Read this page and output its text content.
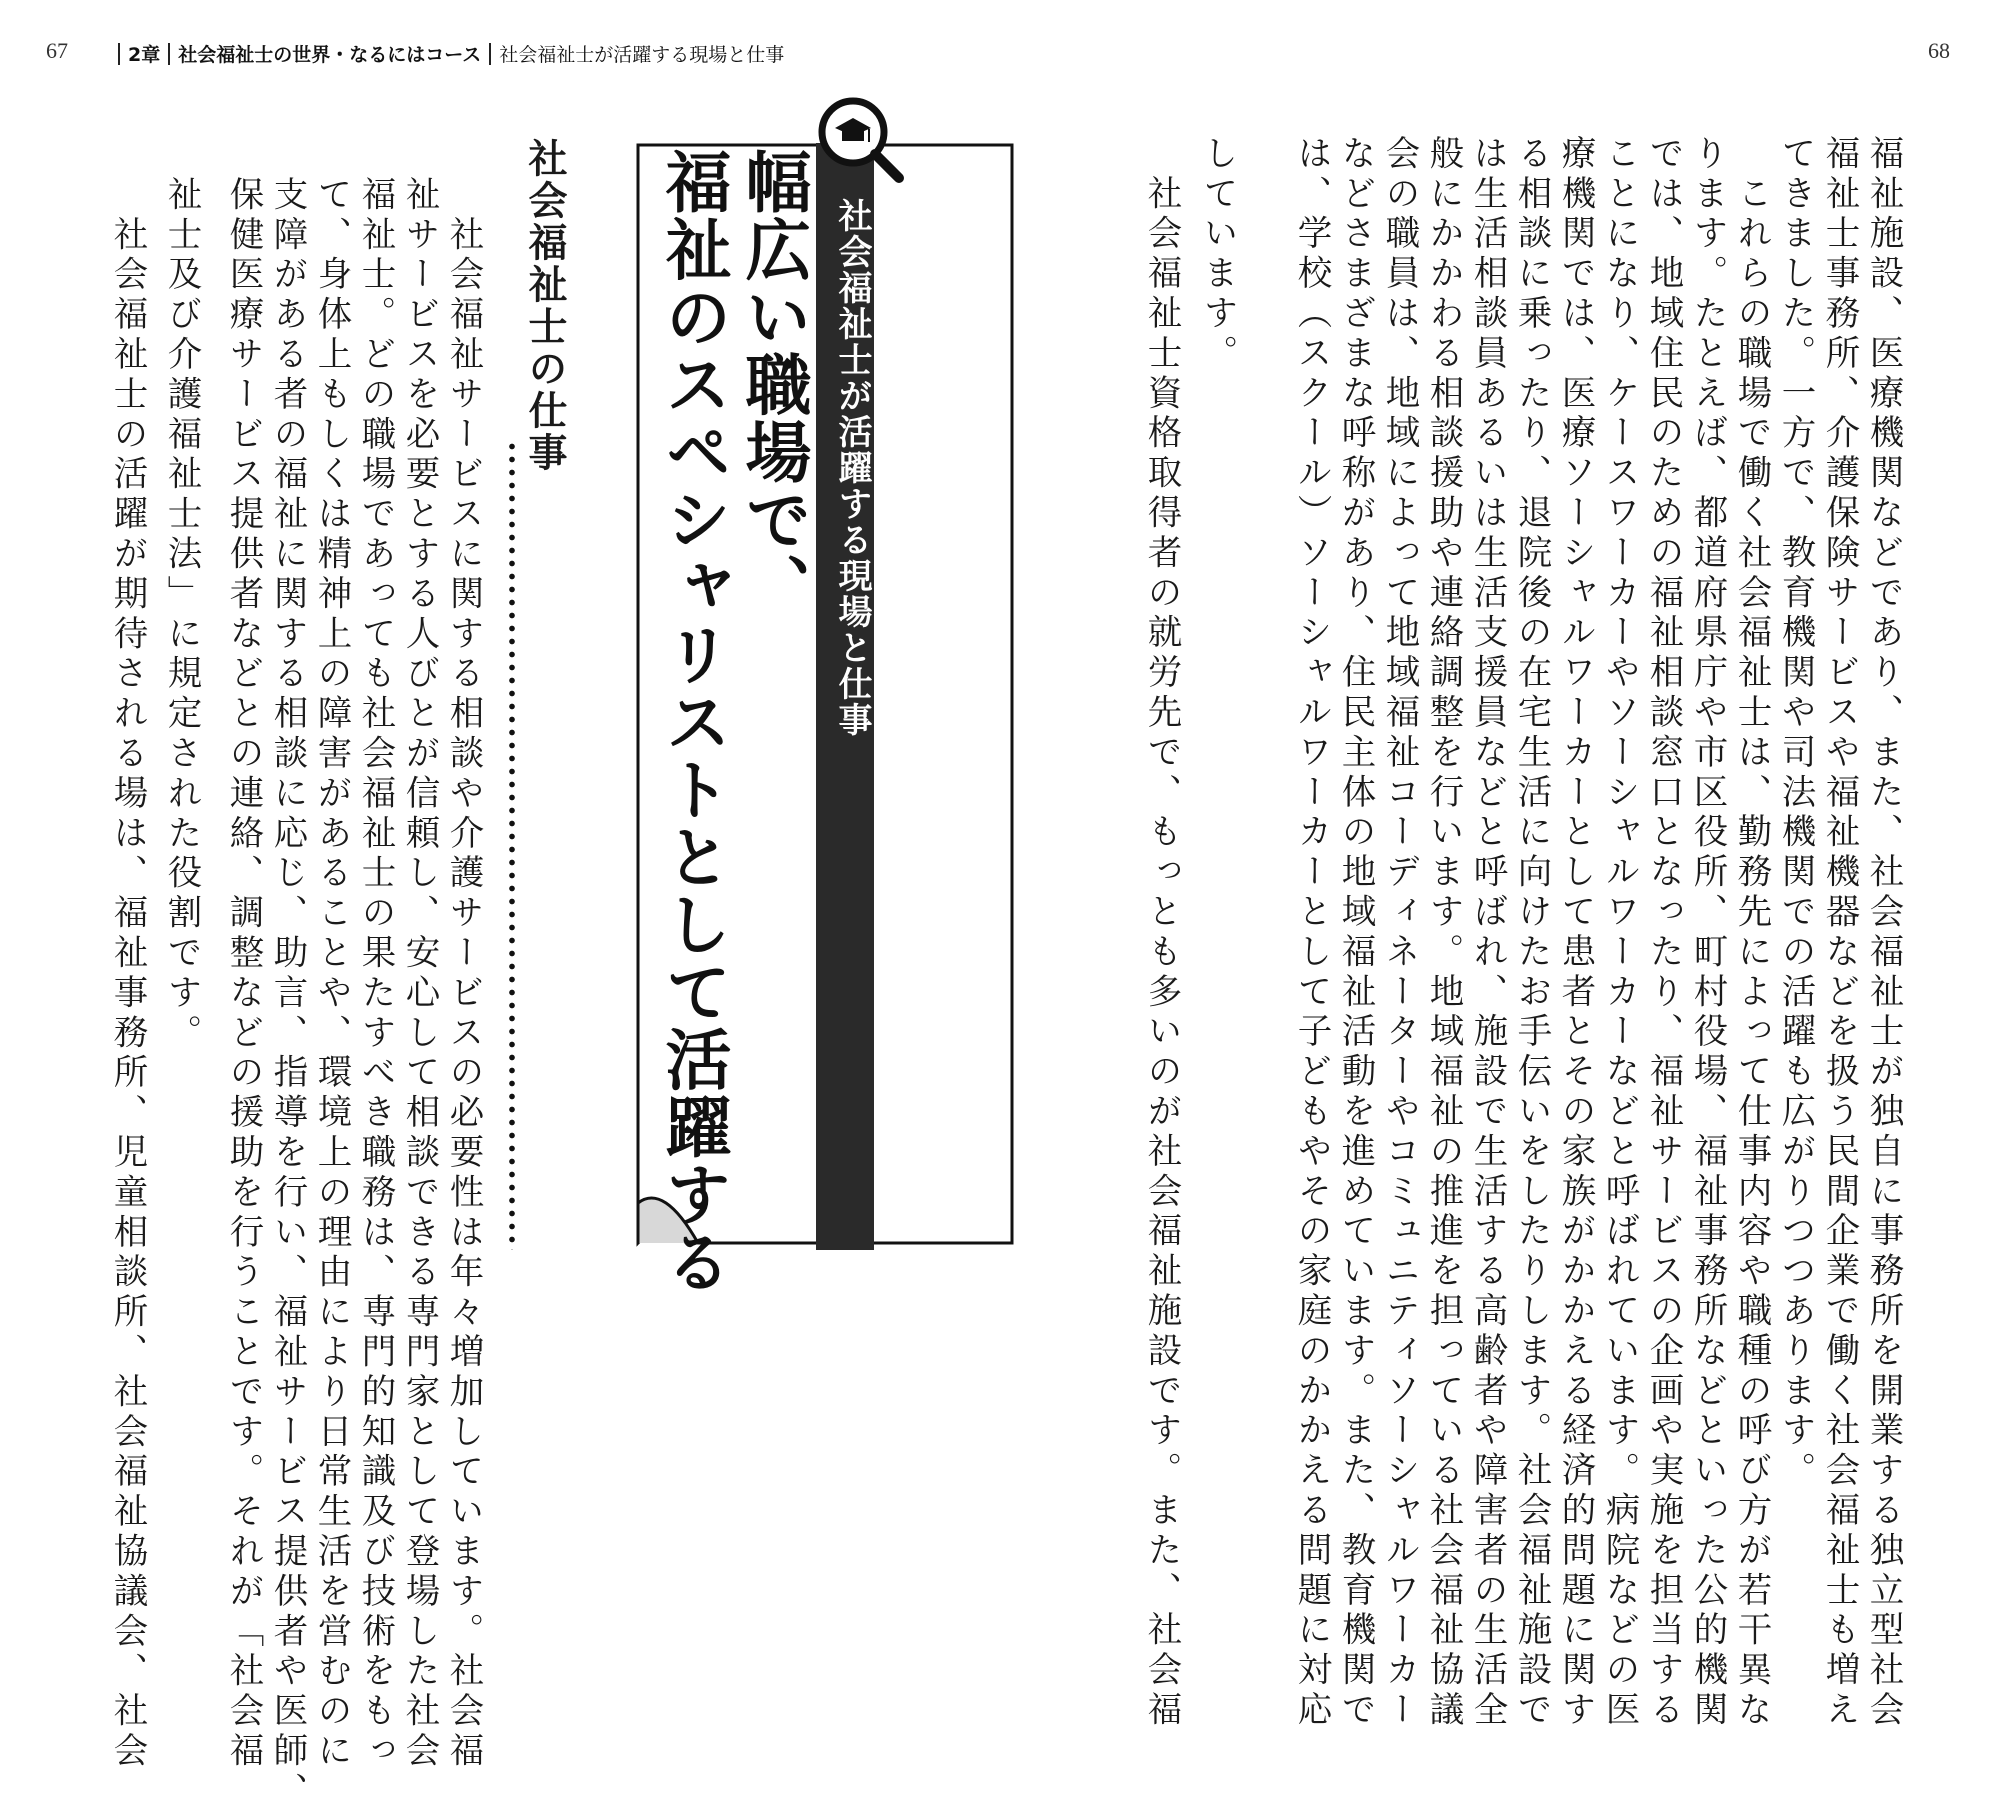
67	2章 社会福祉士の世界・なるにはコース 社会福祉士が活躍する現場と仕事	68
福祉施設、医療機関などであり、また、社会福祉士が独自に事務所を開業する独立型社会
福祉士事務所、介護保険サービスや福祉機器などを扱う民間企業で働く社会福祉士も増え
てきました。一方で、教育機関や司法機関での活躍も広がりつつあります。
　これらの職場で働く社会福祉士は、勤務先によって仕事内容や職種の呼び方が若干異な
ります。たとえば、都道府県庁や市区役所、町村役場、福祉事務所などといった公的機関
では、地域住民のための福祉相談窓口となったり、福祉サービスの企画や実施を担当する
ことになり、ケースワーカーやソーシャルワーカーなどと呼ばれています。病院などの医
療機関では、医療ソーシャルワーカーとして患者とその家族がかかえる経済的問題に関す
る相談に乗ったり、退院後の在宅生活に向けたお手伝いをしたりします。社会福祉施設で
は生活相談員あるいは生活支援員などと呼ばれ、施設で生活する高齢者や障害者の生活全
般にかかわる相談援助や連絡調整を行います。地域福祉の推進を担っている社会福祉協議
会の職員は、地域によって地域福祉コーディネーターやコミュニティソーシャルワーカー
などさまざまな呼称があり、住民主体の地域福祉活動を進めています。また、教育機関で
は、学校（スクール）ソーシャルワーカーとして子どもやその家庭のかかえる問題に対応
しています。
　社会福祉士資格取得者の就労先で、もっとも多いのが社会福祉施設です。また、社会福
社会福祉士が活躍する現場と仕事
幅広い職場で、
福祉のスペシャリストとして活躍する
社会福祉士の仕事
　社会福祉サービスに関する相談や介護サービスの必要性は年々増加しています。社会福
祉サービスを必要とする人びとが信頼し、安心して相談できる専門家として登場した社会
福祉士。どの職場であっても社会福祉士の果たすべき職務は、専門的知識及び技術をもっ
て、身体上もしくは精神上の障害があることや、環境上の理由により日常生活を営むのに
支障がある者の福祉に関する相談に応じ、助言、指導を行い、福祉サービス提供者や医師、
保健医療サービス提供者などとの連絡、調整などの援助を行うことです。それが「社会福
祉士及び介護福祉士法」に規定された役割です。
　社会福祉士の活躍が期待される場は、福祉事務所、児童相談所、社会福祉協議会、社会
